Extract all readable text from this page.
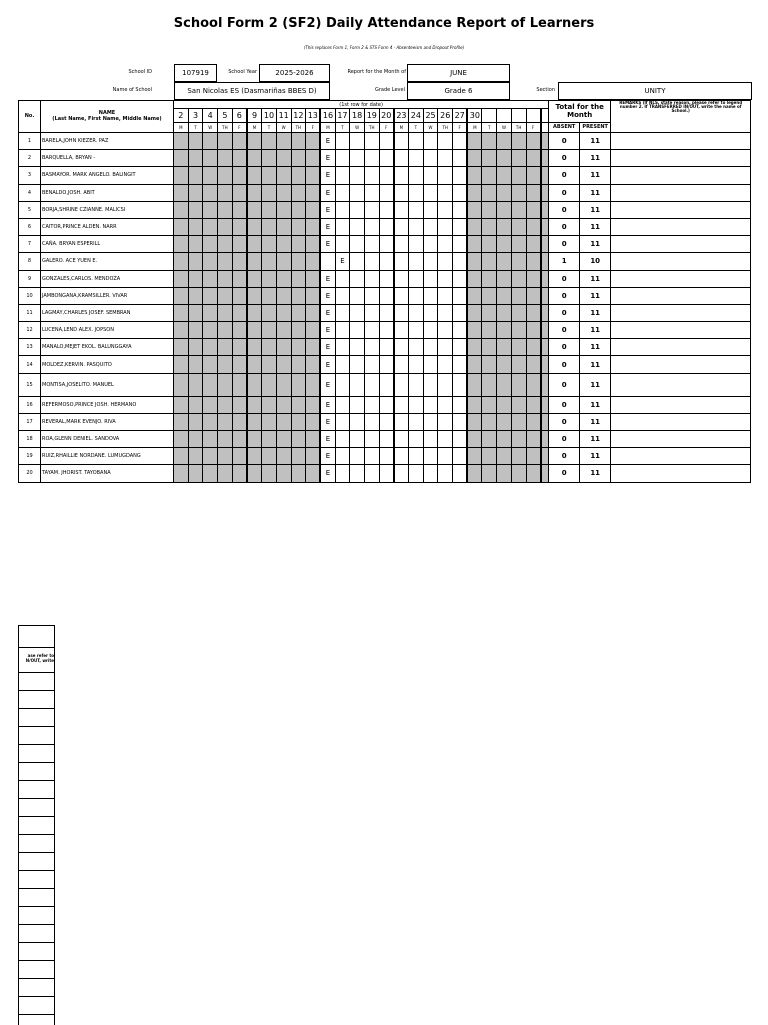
School Form 2 (SF2) Daily Attendance Report of Learners
(This replaces Form 1, Form 2 & STS Form 4 - Absenteeism and Dropout Profile)
School ID	107919	School Year	2025-2026	Report for the Month of	JUNE
Name of School	San Nicolas ES (Dasmariñas BBES D)	Grade Level	Grade 6	Section	UNITY
No.	NAME
(Last Name, First Name, Middle Name)	(1st row for date)																										Total for the Month		REMARKS (If NLS, state reason, please refer to legend number 2. If TRANSFERRED IN/OUT, write the name of School.)
		2	3	4	5	6	9	10	11	12	13	16	17	18	19	20	23	24	25	26	27	30								
		M	T	W	TH	F	M	T	W	TH	F	M	T	W	TH	F	M	T	W	TH	F	M	T	W	TH	F		ABSENT	PRESENT	
1	BARELA,JOHN KIEZER. PAZ											E																0	11	
2	BARQUELLA, BRYAN -											E																0	11	
3	BASMAYOR. MARK ANGELO. BALINGIT											E																0	11	
4	BENALDO,JOSH. ABIT											E																0	11	
5	BORJA,SHRINE CZIANNE. MALICSI											E																0	11	
6	CAITOR,PRINCE ALDEN. NARR											E																0	11	
7	CAÑA. BRYAN ESPERILL											E																0	11	
8	GALERO. ACE YUEN E.												E															1	10	
9	GONZALES,CARLOS. MENDOZA											E																0	11	
10	JAMBONGANA,KRAMSILLER. VIVAR											E																0	11	
11	LAGMAY,CHARLES JOSEF. SEMBRAN											E																0	11	
12	LUCENA,LEND ALEX. JOPSON											E																0	11	
13	MANALO,MEJET EKOL. BALUNGGAYA											E																0	11	
14	MOLDEZ,KERVIN. PASQUITO											E																0	11	
15	MONTISA,JOSELITO. MANUEL											E																0	11	
16	REFERMOSO,PRINCE JOSH. HERMANO											E																0	11	
17	REVERAL,MARK EVENJO. RIVA											E																0	11	
18	ROA,GLENN DENIEL. SANDOVA											E																0	11	
19	RUIZ,RHAILLIE NORDANE. LUMUGDANG											E																0	11	
20	TAYAM. JHORIST. TAYOBANA											E																0	11	
ase refer to
N/OUT, write
